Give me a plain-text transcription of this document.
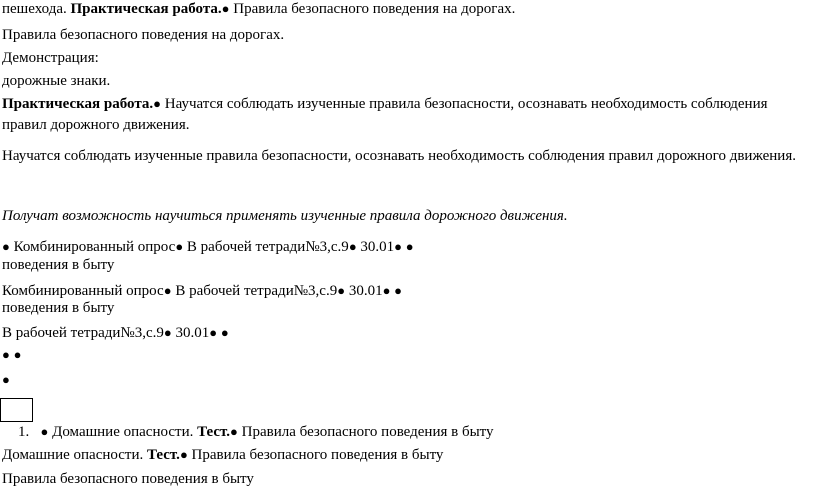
пешехода. Практическая работа.● Правила безопасного поведения на дорогах.
Правила безопасного поведения на дорогах.
Демонстрация:
дорожные знаки.
Практическая работа.● Научатся соблюдать изученные правила безопасности, осознавать необходимость соблюдения
правил дорожного движения.
Научатся соблюдать изученные правила безопасности, осознавать необходимость соблюдения правил дорожного движения.
Получат возможность научиться применять изученные правила дорожного движения.
● Комбинированный опрос● В рабочей тетради№3,с.9● 30.01● ●
поведения в быту
Комбинированный опрос● В рабочей тетради№3,с.9● 30.01● ●
поведения в быту
В рабочей тетради№3,с.9● 30.01● ●
● ●
●
1. ● Домашние опасности. Тест.● Правила безопасного поведения в быту
Домашние опасности. Тест.● Правила безопасного поведения в быту
Правила безопасного поведения в быту
